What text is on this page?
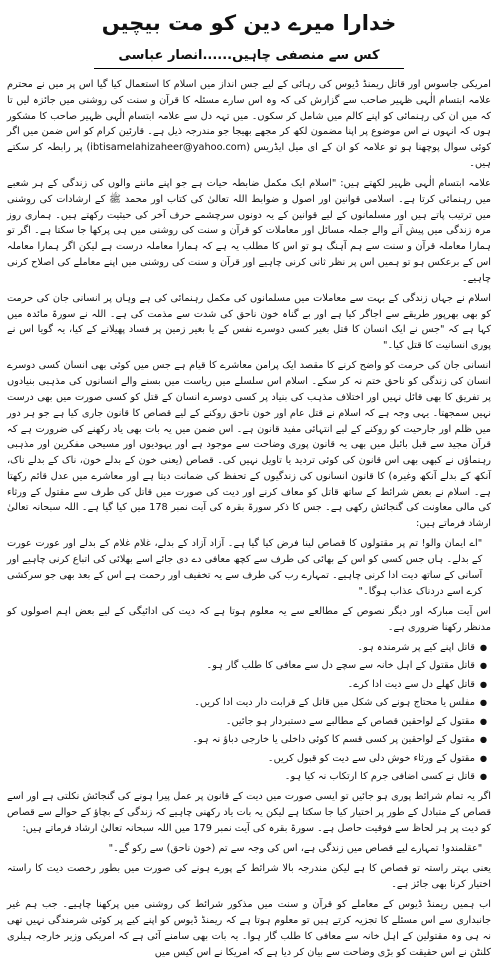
خدارا میرے دین کو مت بیچیں
کس سے منصفی چاہیں......انصار عباسی

امریکی جاسوس اور قاتل ریمنڈ ڈیوس کی رہائی کے لیے جس انداز میں اسلام کا استعمال کیا گیا اس پر میں نے محترم علامہ ابتسام الٰہی ظہیر صاحب سے گزارش کی کہ وہ اس سارے مسئلہ کا قرآن و سنت کی روشنی میں جائزہ لیں تا کہ میں ان کی رہنمائی کو اپنے کالم میں شامل کر سکوں۔ میں تہہ دل سے علامہ ابتسام الٰہی ظہیر صاحب کا مشکور ہوں کہ انہوں نے اس موضوع پر اپنا مضمون لکھ کر مجھے بھیجا جو مندرجہ ذیل ہے۔ قارئین کرام کو اس ضمن میں اگر کوئی سوال پوچھنا ہو تو علامہ کو ان کے ای میل ایڈریس (ibtisamelahizaheer@yahoo.com) پر رابطہ کر سکتے ہیں۔

علامہ ابتسام الٰہی ظہیر لکھتے ہیں: "اسلام ایک مکمل ضابطہ حیات ہے جو اپنے ماننے والوں کی زندگی کے ہر شعبے میں رہنمائی کرتا ہے۔ اسلامی قوانین اور اصول و ضوابط اللہ تعالیٰ کی کتاب اور محمد ﷺ کے ارشادات کی روشنی میں ترتیب پاتے ہیں اور مسلمانوں کے لیے قوانین کے یہ دونوں سرچشمے حرف آخر کی حیثیت رکھتے ہیں۔ ہماری روز مرہ زندگی میں پیش آنے والے جملہ مسائل اور معاملات کو قرآن و سنت کی روشنی میں ہی پرکھا جا سکتا ہے۔ اگر تو ہمارا معاملہ قرآن و سنت سے ہم آہنگ ہو تو اس کا مطلب یہ ہے کہ ہمارا معاملہ درست ہے لیکن اگر ہمارا معاملہ اس کے برعکس ہو تو ہمیں اس پر نظر ثانی کرنی چاہیے اور قرآن و سنت کی روشنی میں اپنے معاملے کی اصلاح کرنی چاہیے۔

اسلام نے جہاں زندگی کے بہت سے معاملات میں مسلمانوں کی مکمل رہنمائی کی ہے وہاں پر انسانی جان کی حرمت کو بھی بھرپور طریقے سے اجاگر کیا ہے اور بے گناہ خون ناحق کی شدت سے مذمت کی ہے۔ اللہ نے سورۃ مائدہ میں کہا ہے کہ "جس نے ایک انسان کا قتل بغیر کسی دوسرے نفس کے یا بغیر زمین پر فساد پھیلانے کے کیا، یہ گویا اس نے پوری انسانیت کا قتل کیا۔"

انسانی جان کی حرمت کو واضح کرنے کا مقصد ایک پرامن معاشرے کا قیام ہے جس میں کوئی بھی انسان کسی دوسرے انسان کی زندگی کو ناحق ختم نہ کر سکے۔ اسلام اس سلسلے میں ریاست میں بسنے والے انسانوں کی مذہبی بنیادوں پر تفریق کا بھی قائل نہیں اور اختلاف مذہب کی بنیاد پر کسی دوسرے انسان کے قتل کو کسی صورت میں بھی درست نہیں سمجھتا۔ یہی وجہ ہے کہ اسلام نے قتل عام اور خون ناحق روکنے کے لیے قصاص کا قانون جاری کیا ہے جو ہر دور میں ظلم اور جارحیت کو روکنے کے لیے انتہائی مفید قانون ہے۔ اس ضمن میں یہ بات بھی یاد رکھنے کی ضرورت ہے کہ قرآن مجید سے قبل بائبل میں بھی یہ قانون پوری وضاحت سے موجود ہے اور یہودیوں اور مسیحی مفکرین اور مذہبی رہنماؤں نے کبھی بھی اس قانون کی کوئی تردید یا تاویل نہیں کی۔ قصاص (یعنی خون کے بدلے خون، ناک کے بدلے ناک، آنکھ کے بدلے آنکھ وغیرہ) کا قانون انسانوں کی زندگیوں کے تحفظ کی ضمانت دیتا ہے اور معاشرے میں عدل قائم رکھتا ہے۔ اسلام نے بعض شرائط کے ساتھ قاتل کو معاف کرنے اور دیت کی صورت میں قاتل کی طرف سے مقتول کے ورثاء کی مالی معاونت کی گنجائش رکھی ہے۔ جس کا ذکر سورۃ بقرہ کی آیت نمبر 178 میں کیا گیا ہے۔ اللہ سبحانہ تعالیٰ ارشاد فرماتے ہیں:

"اے ایمان والو! تم پر مقتولوں کا قصاص لینا فرض کیا گیا ہے۔ آزاد آزاد کے بدلے، غلام غلام کے بدلے اور عورت عورت کے بدلے۔ ہاں جس کسی کو اس کے بھائی کی طرف سے کچھ معافی دے دی جائے اسے بھلائی کی اتباع کرنی چاہیے اور آسانی کے ساتھ دیت ادا کرنی چاہیے۔ تمہارے رب کی طرف سے یہ تخفیف اور رحمت ہے اس کے بعد بھی جو سرکشی کرے اسے دردناک عذاب ہوگا۔"

اس آیت مبارکہ اور دیگر نصوص کے مطالعے سے یہ معلوم ہوتا ہے کہ دیت کی ادائیگی کے لیے بعض اہم اصولوں کو مدنظر رکھنا ضروری ہے۔

●
قاتل اپنے کیے پر شرمندہ ہو۔
●
قاتل مقتول کے اہل خانہ سے سچے دل سے معافی کا طلب گار ہو۔
●
قاتل کھلے دل سے دیت ادا کرے۔
●
مفلس یا محتاج ہونے کی شکل میں قاتل کے قرابت دار دیت ادا کریں۔
●
مقتول کے لواحقین قصاص کے مطالبے سے دستبردار ہو جائیں۔
●
مقتول کے لواحقین پر کسی قسم کا کوئی داخلی یا خارجی دباؤ نہ ہو۔
●
مقتول کے ورثاء خوش دلی سے دیت کو قبول کریں۔
●
قاتل نے کسی اضافی جرم کا ارتکاب نہ کیا ہو۔

اگر یہ تمام شرائط پوری ہو جائیں تو ایسی صورت میں دیت کے قانون پر عمل پیرا ہونے کی گنجائش نکلتی ہے اور اسے قصاص کے متبادل کے طور پر اختیار کیا جا سکتا ہے لیکن یہ بات یاد رکھنی چاہیے کہ زندگی کے بچاؤ کے حوالے سے قصاص کو دیت پر ہر لحاظ سے فوقیت حاصل ہے۔ سورۃ بقرہ کی آیت نمبر 179 میں اللہ سبحانہ تعالیٰ ارشاد فرماتے ہیں:

"عقلمندو! تمہارے لیے قصاص میں زندگی ہے، اس کی وجہ سے تم (خون ناحق) سے رکو گے۔"

یعنی بہتر راستہ تو قصاص کا ہے لیکن مندرجہ بالا شرائط کے پورے ہونے کی صورت میں بطور رخصت دیت کا راستہ اختیار کرنا بھی جائز ہے۔

اب ہمیں ریمنڈ ڈیوس کے معاملے کو قرآن و سنت میں مذکور شرائط کی روشنی میں پرکھنا چاہیے۔ جب ہم غیر جانبداری سے اس مسئلے کا تجزیہ کرتے ہیں تو معلوم ہوتا ہے کہ ریمنڈ ڈیوس کو اپنے کیے پر کوئی شرمندگی نہیں تھی نہ ہی وہ مقتولین کے اہل خانہ سے معافی کا طلب گار ہوا۔ یہ بات بھی سامنے آئی ہے کہ امریکی وزیر خارجہ ہیلری کلنٹن نے اس حقیقت کو بڑی وضاحت سے بیان کر دیا ہے کہ امریکا نے اس کیس میں
